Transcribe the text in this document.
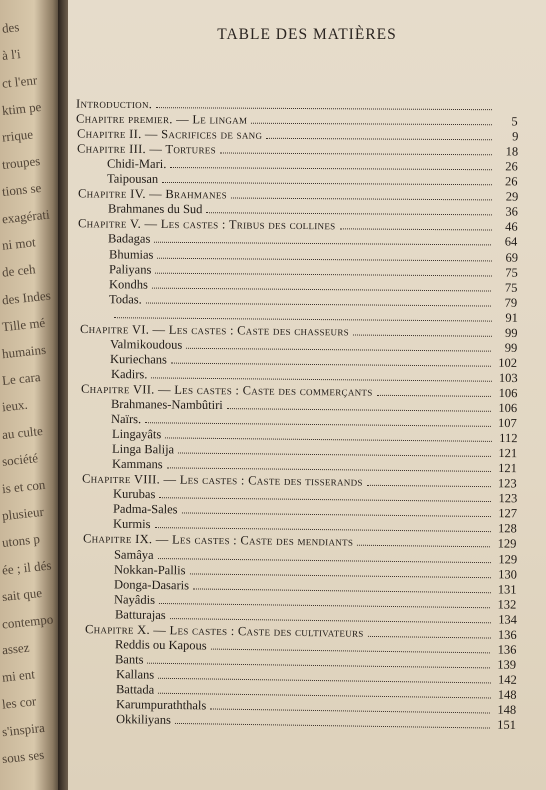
des
à l'i
ct l'enr
ktim pe
rrique
troupes
tions se
exagérati
ni mot
de ceh
des Indes
Tille mé
humains
Le cara
ieux.
au culte
société
is et con
plusieur
utons p
ée ; il dés
sait que
contempo
assez
mi ent
les cor
s'inspira
sous ses
TABLE DES MATIÈRES
Introduction.
Chapitre premier. — Le lingam	5
Chapitre II. — Sacrifices de sang	9
Chapitre III. — Tortures	18
Chidi-Mari.	26
Taipousan	26
Chapitre IV. — Brahmanes	29
Brahmanes du Sud	36
Chapitre V. — Les castes : Tribus des collines	46
Badagas	64
Bhumias	69
Paliyans	75
Kondhs	75
Todas.	79
91
Chapitre VI. — Les castes : Caste des chasseurs	99
Valmikoudous	99
Kuriechans	102
Kadirs.	103
Chapitre VII. — Les castes : Caste des commerçants	106
Brahmanes-Nambûtiri	106
Naïrs.	107
Lingayâts	112
Linga Balija	121
Kammans	121
Chapitre VIII. — Les castes : Caste des tisserands	123
Kurubas	123
Padma-Sales	127
Kurmis	128
Chapitre IX. — Les castes : Caste des mendiants	129
Samâya	129
Nokkan-Pallis	130
Donga-Dasaris	131
Nayâdis	132
Batturajas	134
Chapitre X. — Les castes : Caste des cultivateurs	136
Reddis ou Kapous	136
Bants	139
Kallans	142
Battada	148
Karumpuraththals	148
Okkiliyans	151
